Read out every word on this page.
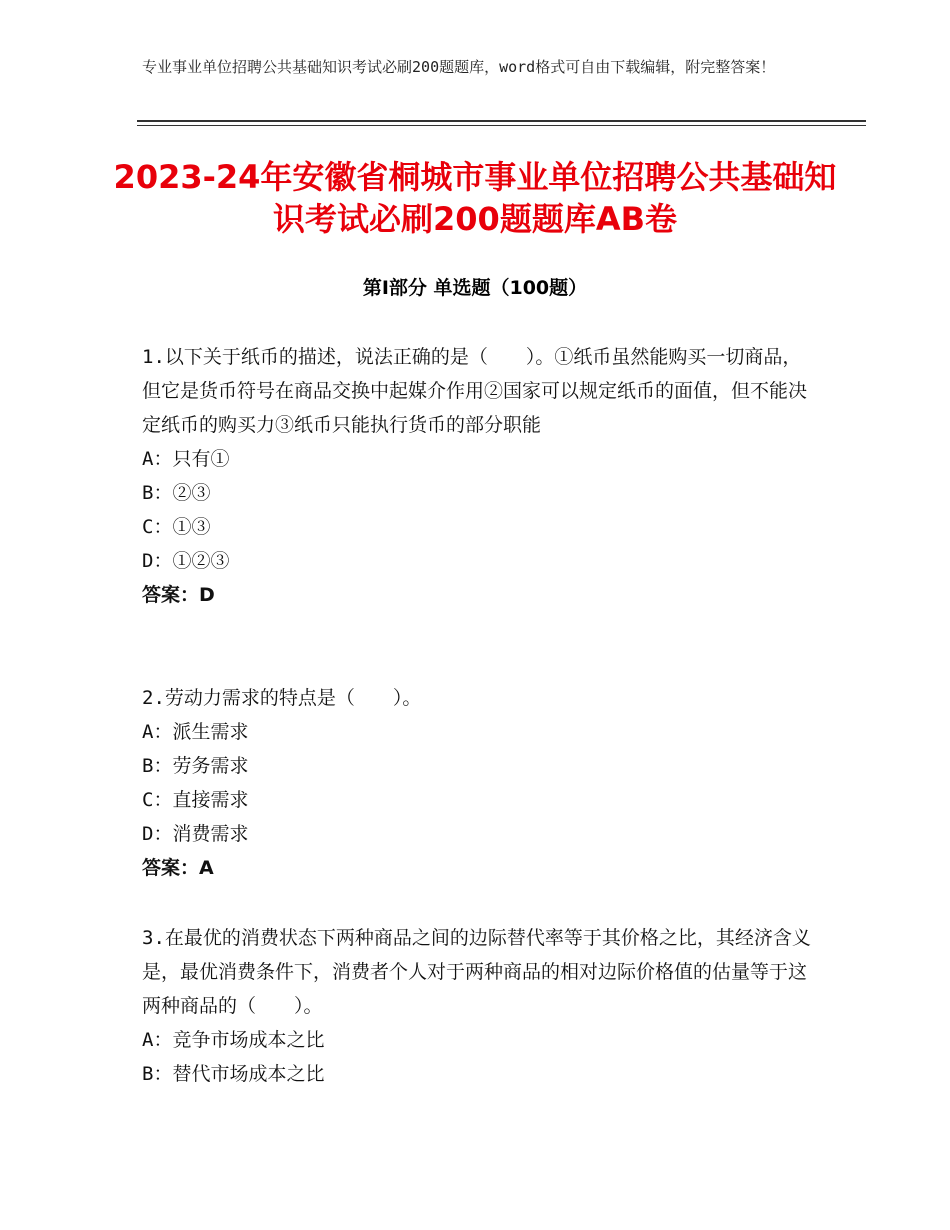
专业事业单位招聘公共基础知识考试必刷200题题库，word格式可自由下载编辑，附完整答案！
2023-24年安徽省桐城市事业单位招聘公共基础知识考试必刷200题题库AB卷
第Ⅰ部分 单选题（100题）
1.以下关于纸币的描述，说法正确的是（　　）。①纸币虽然能购买一切商品，但它是货币符号在商品交换中起媒介作用②国家可以规定纸币的面值，但不能决定纸币的购买力③纸币只能执行货币的部分职能
A：只有①
B：②③
C：①③
D：①②③
答案：D
2.劳动力需求的特点是（　　）。
A：派生需求
B：劳务需求
C：直接需求
D：消费需求
答案：A
3.在最优的消费状态下两种商品之间的边际替代率等于其价格之比，其经济含义是，最优消费条件下，消费者个人对于两种商品的相对边际价格值的估量等于这两种商品的（　　）。
A：竞争市场成本之比
B：替代市场成本之比
